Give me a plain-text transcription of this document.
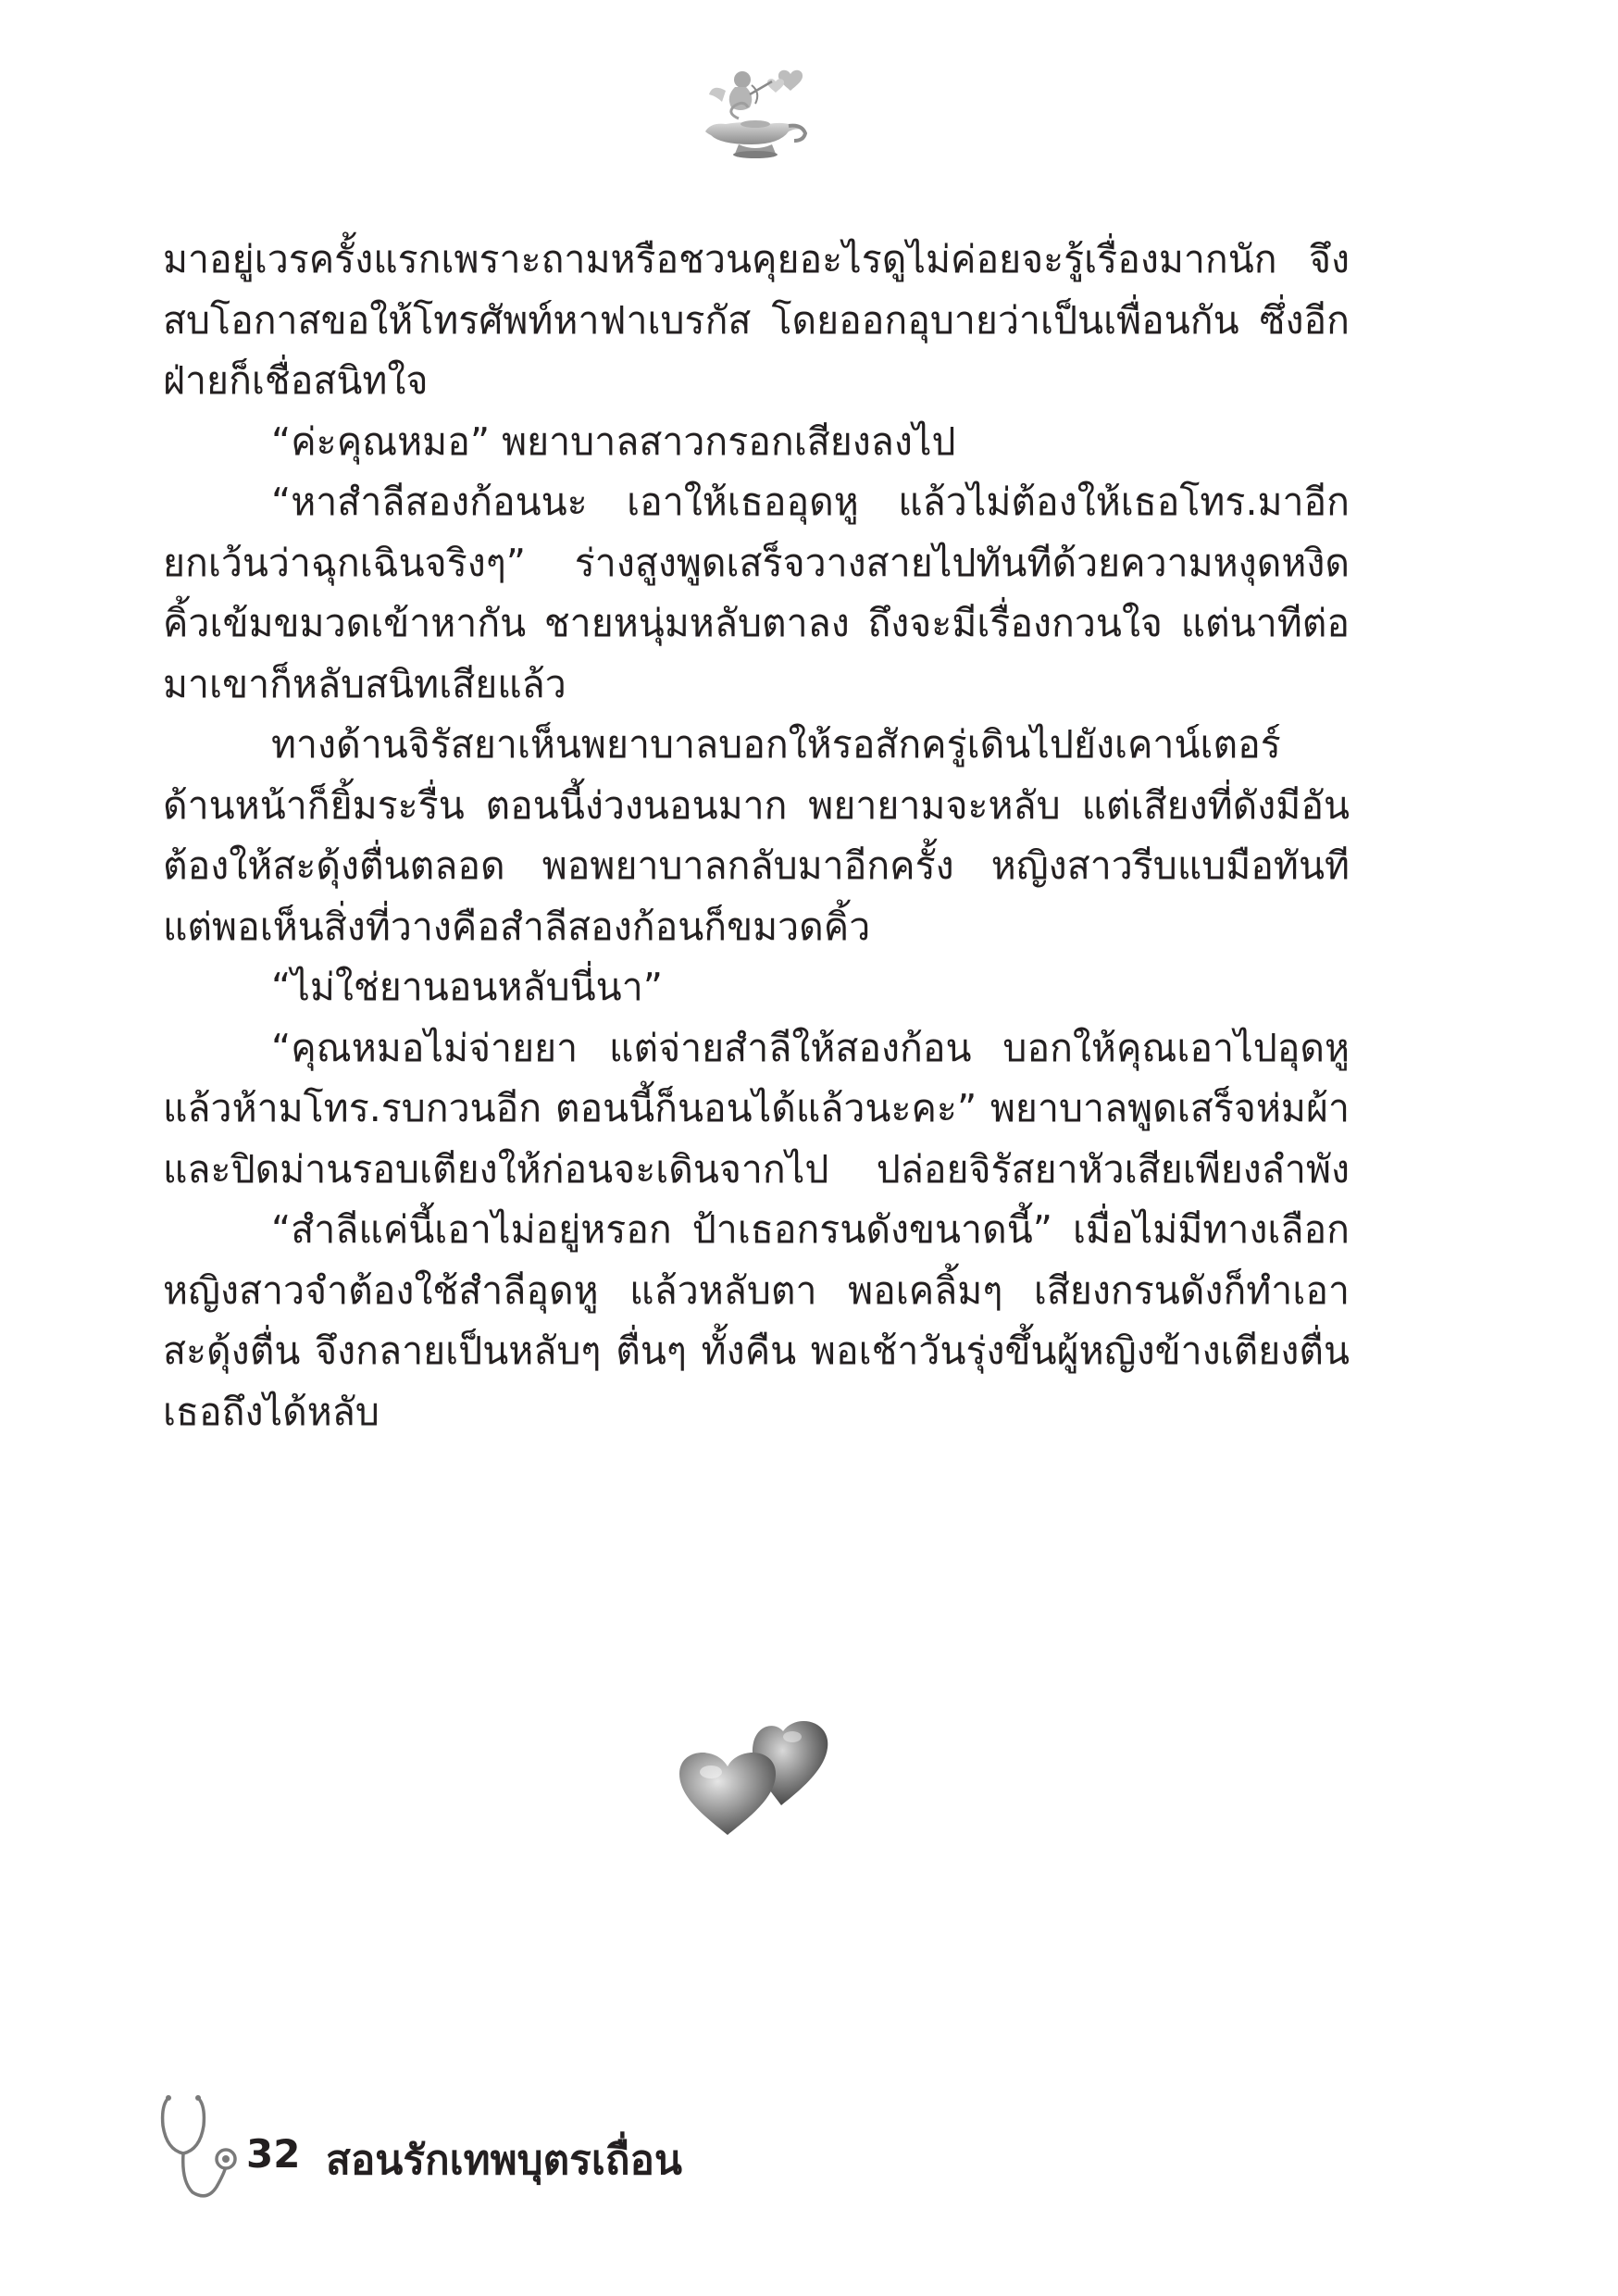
มาอยู่เวรครั้งแรกเพราะถามหรือชวนคุยอะไรดูไม่ค่อยจะรู้เรื่องมากนัก จึงสบโอกาสขอให้โทรศัพท์หาฟาเบรกัส โดยออกอุบายว่าเป็นเพื่อนกัน ซึ่งอีกฝ่ายก็เชื่อสนิทใจ

“ค่ะคุณหมอ” พยาบาลสาวกรอกเสียงลงไป

“หาสำลีสองก้อนนะ เอาให้เธออุดหู แล้วไม่ต้องให้เธอโทร.มาอีก ยกเว้นว่าฉุกเฉินจริงๆ” ร่างสูงพูดเสร็จวางสายไปทันทีด้วยความหงุดหงิด คิ้วเข้มขมวดเข้าหากัน ชายหนุ่มหลับตาลง ถึงจะมีเรื่องกวนใจ แต่นาทีต่อมาเขาก็หลับสนิทเสียแล้ว

ทางด้านจิรัสยาเห็นพยาบาลบอกให้รอสักครู่เดินไปยังเคาน์เตอร์ด้านหน้าก็ยิ้มระรื่น ตอนนี้ง่วงนอนมาก พยายามจะหลับ แต่เสียงที่ดังมีอันต้องให้สะดุ้งตื่นตลอด พอพยาบาลกลับมาอีกครั้ง หญิงสาวรีบแบมือทันที แต่พอเห็นสิ่งที่วางคือสำลีสองก้อนก็ขมวดคิ้ว

“ไม่ใช่ยานอนหลับนี่นา”

“คุณหมอไม่จ่ายยา แต่จ่ายสำลีให้สองก้อน บอกให้คุณเอาไปอุดหูแล้วห้ามโทร.รบกวนอีก ตอนนี้ก็นอนได้แล้วนะคะ” พยาบาลพูดเสร็จห่มผ้าและปิดม่านรอบเตียงให้ก่อนจะเดินจากไป ปล่อยจิรัสยาหัวเสียเพียงลำพัง

“สำลีแค่นี้เอาไม่อยู่หรอก ป้าเธอกรนดังขนาดนี้” เมื่อไม่มีทางเลือกหญิงสาวจำต้องใช้สำลีอุดหู แล้วหลับตา พอเคลิ้มๆ เสียงกรนดังก็ทำเอาสะดุ้งตื่น จึงกลายเป็นหลับๆ ตื่นๆ ทั้งคืน พอเช้าวันรุ่งขึ้นผู้หญิงข้างเตียงตื่นเธอถึงได้หลับ

32 สอนรักเทพบุตรเถื่อน
